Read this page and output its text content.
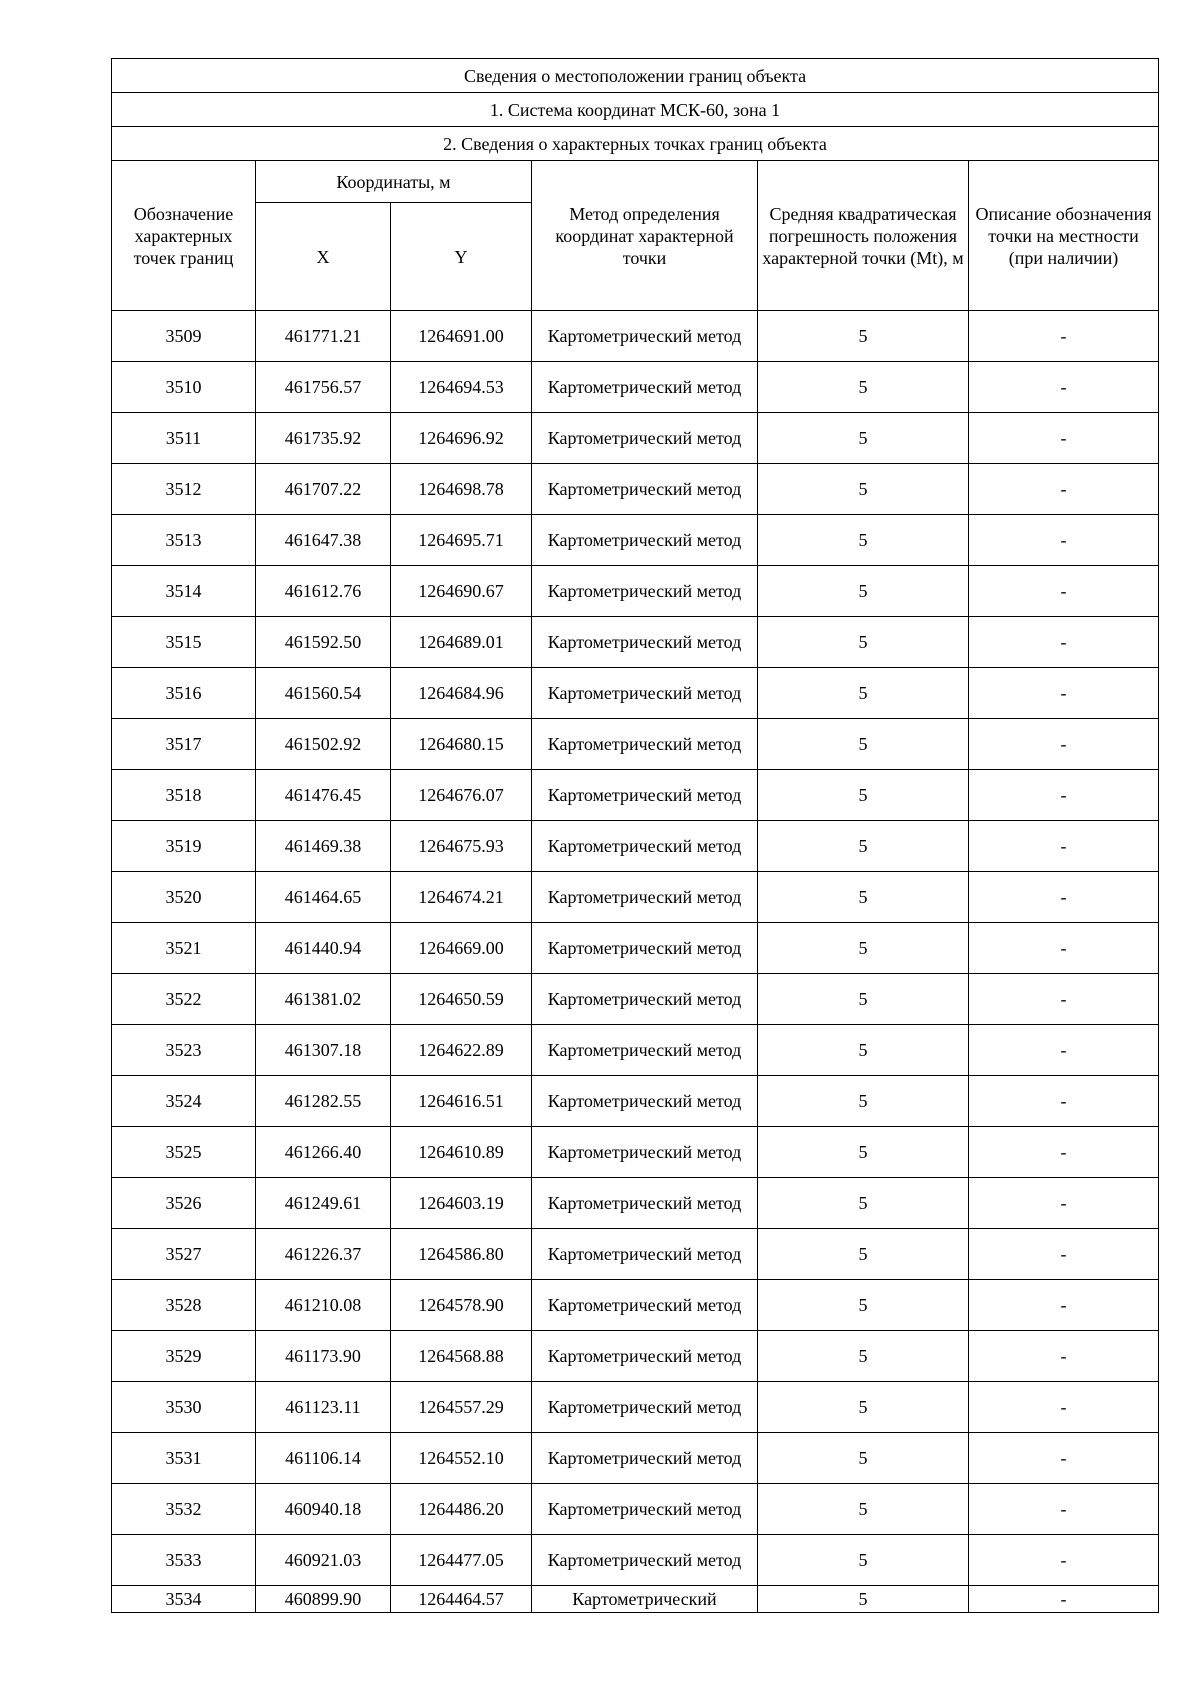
Сведения о местоположении границ объекта					
1. Система координат МСК-60, зона 1					
2. Сведения о характерных точках границ объекта					
Обозначение характерных точек границ	Координаты, м		Метод определения координат характерной точки	Средняя квадратическая погрешность положения характерной точки (Mt), м	Описание обозначения точки на местности (при наличии)
	X	Y			
3509	461771.21	1264691.00	Картометрический метод	5	-
3510	461756.57	1264694.53	Картометрический метод	5	-
3511	461735.92	1264696.92	Картометрический метод	5	-
3512	461707.22	1264698.78	Картометрический метод	5	-
3513	461647.38	1264695.71	Картометрический метод	5	-
3514	461612.76	1264690.67	Картометрический метод	5	-
3515	461592.50	1264689.01	Картометрический метод	5	-
3516	461560.54	1264684.96	Картометрический метод	5	-
3517	461502.92	1264680.15	Картометрический метод	5	-
3518	461476.45	1264676.07	Картометрический метод	5	-
3519	461469.38	1264675.93	Картометрический метод	5	-
3520	461464.65	1264674.21	Картометрический метод	5	-
3521	461440.94	1264669.00	Картометрический метод	5	-
3522	461381.02	1264650.59	Картометрический метод	5	-
3523	461307.18	1264622.89	Картометрический метод	5	-
3524	461282.55	1264616.51	Картометрический метод	5	-
3525	461266.40	1264610.89	Картометрический метод	5	-
3526	461249.61	1264603.19	Картометрический метод	5	-
3527	461226.37	1264586.80	Картометрический метод	5	-
3528	461210.08	1264578.90	Картометрический метод	5	-
3529	461173.90	1264568.88	Картометрический метод	5	-
3530	461123.11	1264557.29	Картометрический метод	5	-
3531	461106.14	1264552.10	Картометрический метод	5	-
3532	460940.18	1264486.20	Картометрический метод	5	-
3533	460921.03	1264477.05	Картометрический метод	5	-
3534	460899.90	1264464.57	Картометрический	5	-
